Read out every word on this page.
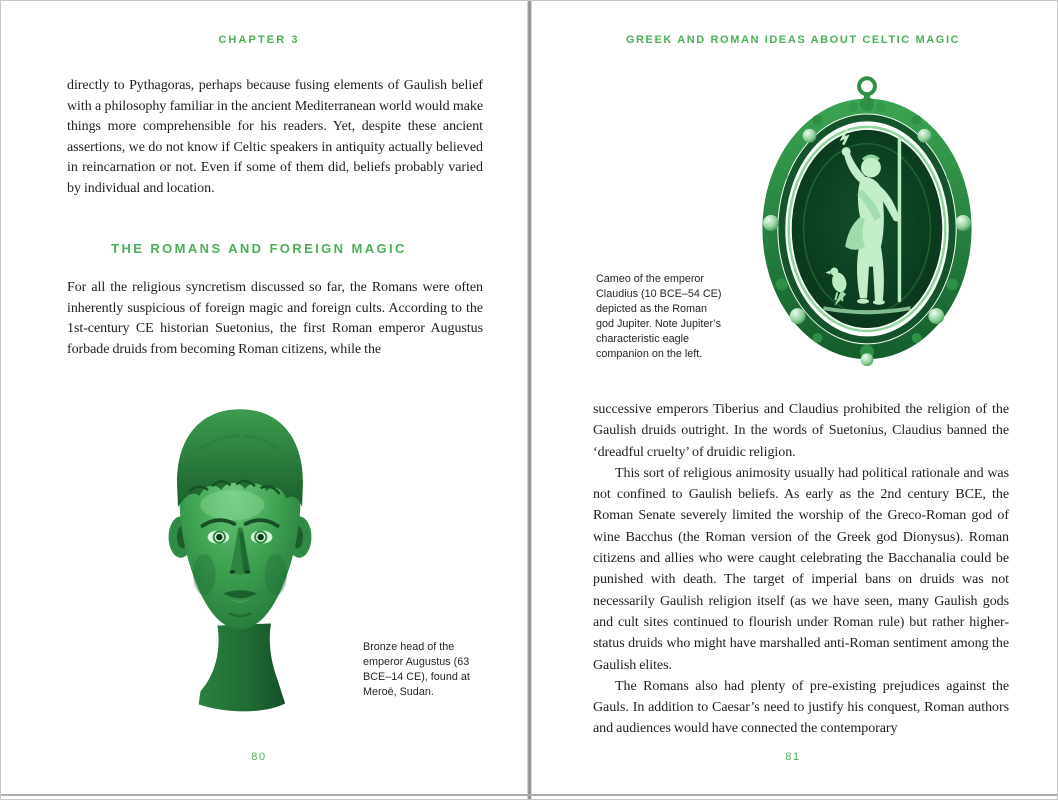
CHAPTER 3

directly to Pythagoras, perhaps because fusing elements of Gaulish belief with a philosophy familiar in the ancient Mediterranean world would make things more comprehensible for his readers. Yet, despite these ancient assertions, we do not know if Celtic speakers in antiquity actually believed in reincarnation or not. Even if some of them did, beliefs probably varied by individual and location.

THE ROMANS AND FOREIGN MAGIC

For all the religious syncretism discussed so far, the Romans were often inherently suspicious of foreign magic and foreign cults. According to the 1st-century CE historian Suetonius, the first Roman emperor Augustus forbade druids from becoming Roman citizens, while the

Bronze head of the emperor Augustus (63 BCE–14 CE), found at Meroë, Sudan.
80
GREEK AND ROMAN IDEAS ABOUT CELTIC MAGIC
Cameo of the emperor Claudius (10 BCE–54 CE) depicted as the Roman god Jupiter. Note Jupiter’s characteristic eagle companion on the left.

successive emperors Tiberius and Claudius prohibited the religion of the Gaulish druids outright. In the words of Suetonius, Claudius banned the ‘dreadful cruelty’ of druidic religion.

This sort of religious animosity usually had political rationale and was not confined to Gaulish beliefs. As early as the 2nd century BCE, the Roman Senate severely limited the worship of the Greco-Roman god of wine Bacchus (the Roman version of the Greek god Dionysus). Roman citizens and allies who were caught celebrating the Bacchanalia could be punished with death. The target of imperial bans on druids was not necessarily Gaulish religion itself (as we have seen, many Gaulish gods and cult sites continued to flourish under Roman rule) but rather higher-status druids who might have marshalled anti-Roman sentiment among the Gaulish elites.

The Romans also had plenty of pre-existing prejudices against the Gauls. In addition to Caesar’s need to justify his conquest, Roman authors and audiences would have connected the contemporary

81
